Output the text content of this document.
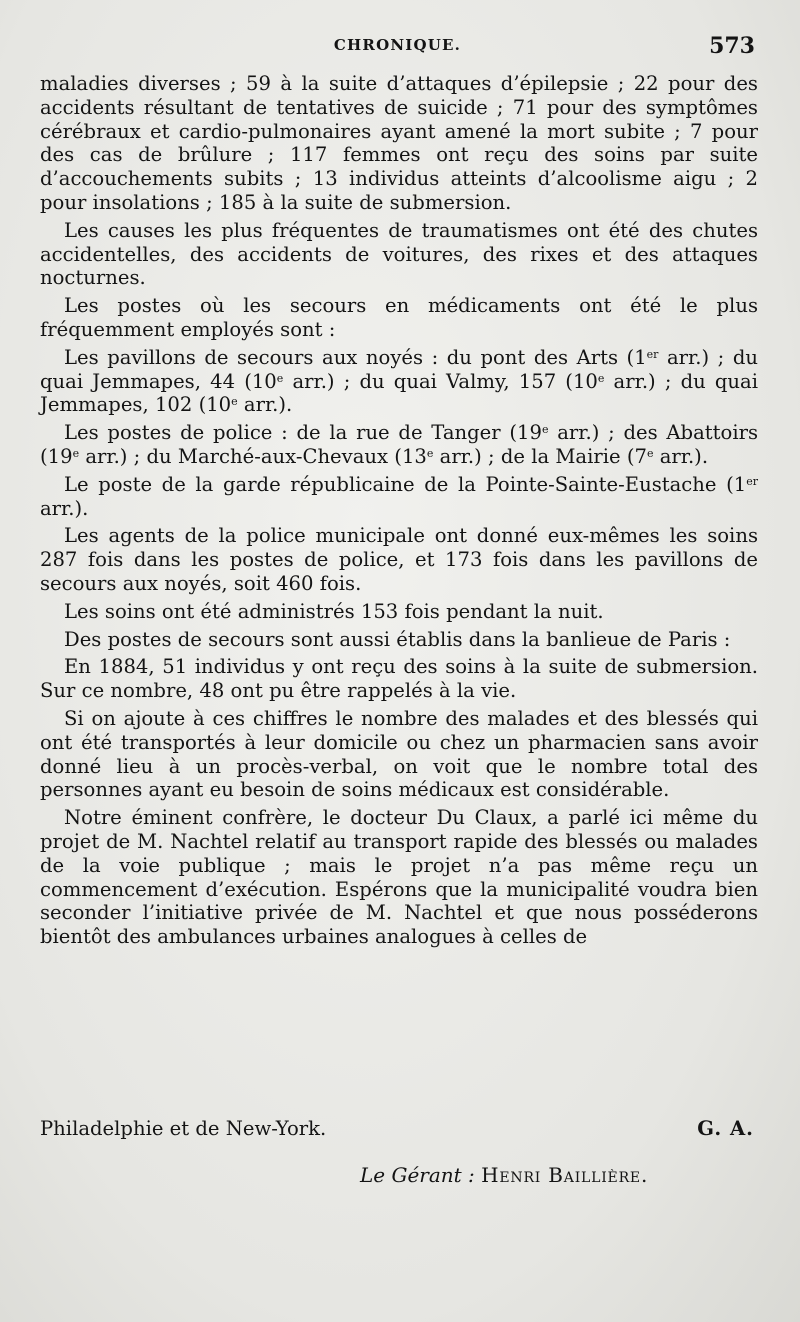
CHRONIQUE.	573

maladies diverses ; 59 à la suite d’attaques d’épilepsie ; 22 pour des accidents résultant de tentatives de suicide ; 71 pour des symptômes cérébraux et cardio-pulmonaires ayant amené la mort subite ; 7 pour des cas de brûlure ; 117 femmes ont reçu des soins par suite d’accouchements subits ; 13 individus atteints d’alcoolisme aigu ; 2 pour insolations ; 185 à la suite de submersion.

Les causes les plus fréquentes de traumatismes ont été des chutes accidentelles, des accidents de voitures, des rixes et des attaques nocturnes.

Les postes où les secours en médicaments ont été le plus fréquemment employés sont :

Les pavillons de secours aux noyés : du pont des Arts (1er arr.) ; du quai Jemmapes, 44 (10e arr.) ; du quai Valmy, 157 (10e arr.) ; du quai Jemmapes, 102 (10e arr.).

Les postes de police : de la rue de Tanger (19e arr.) ; des Abattoirs (19e arr.) ; du Marché-aux-Chevaux (13e arr.) ; de la Mairie (7e arr.).

Le poste de la garde républicaine de la Pointe-Sainte-Eustache (1er arr.).

Les agents de la police municipale ont donné eux-mêmes les soins 287 fois dans les postes de police, et 173 fois dans les pavillons de secours aux noyés, soit 460 fois.

Les soins ont été administrés 153 fois pendant la nuit.

Des postes de secours sont aussi établis dans la banlieue de Paris :

En 1884, 51 individus y ont reçu des soins à la suite de submersion. Sur ce nombre, 48 ont pu être rappelés à la vie.

Si on ajoute à ces chiffres le nombre des malades et des blessés qui ont été transportés à leur domicile ou chez un pharmacien sans avoir donné lieu à un procès-verbal, on voit que le nombre total des personnes ayant eu besoin de soins médicaux est considérable.

Notre éminent confrère, le docteur Du Claux, a parlé ici même du projet de M. Nachtel relatif au transport rapide des blessés ou malades de la voie publique ; mais le projet n’a pas même reçu un commencement d’exécution. Espérons que la municipalité voudra bien seconder l’initiative privée de M. Nachtel et que nous posséderons bientôt des ambulances urbaines analogues à celles de

Philadelphie et de New-York.	G. A.
Le Gérant : Henri Baillière.
